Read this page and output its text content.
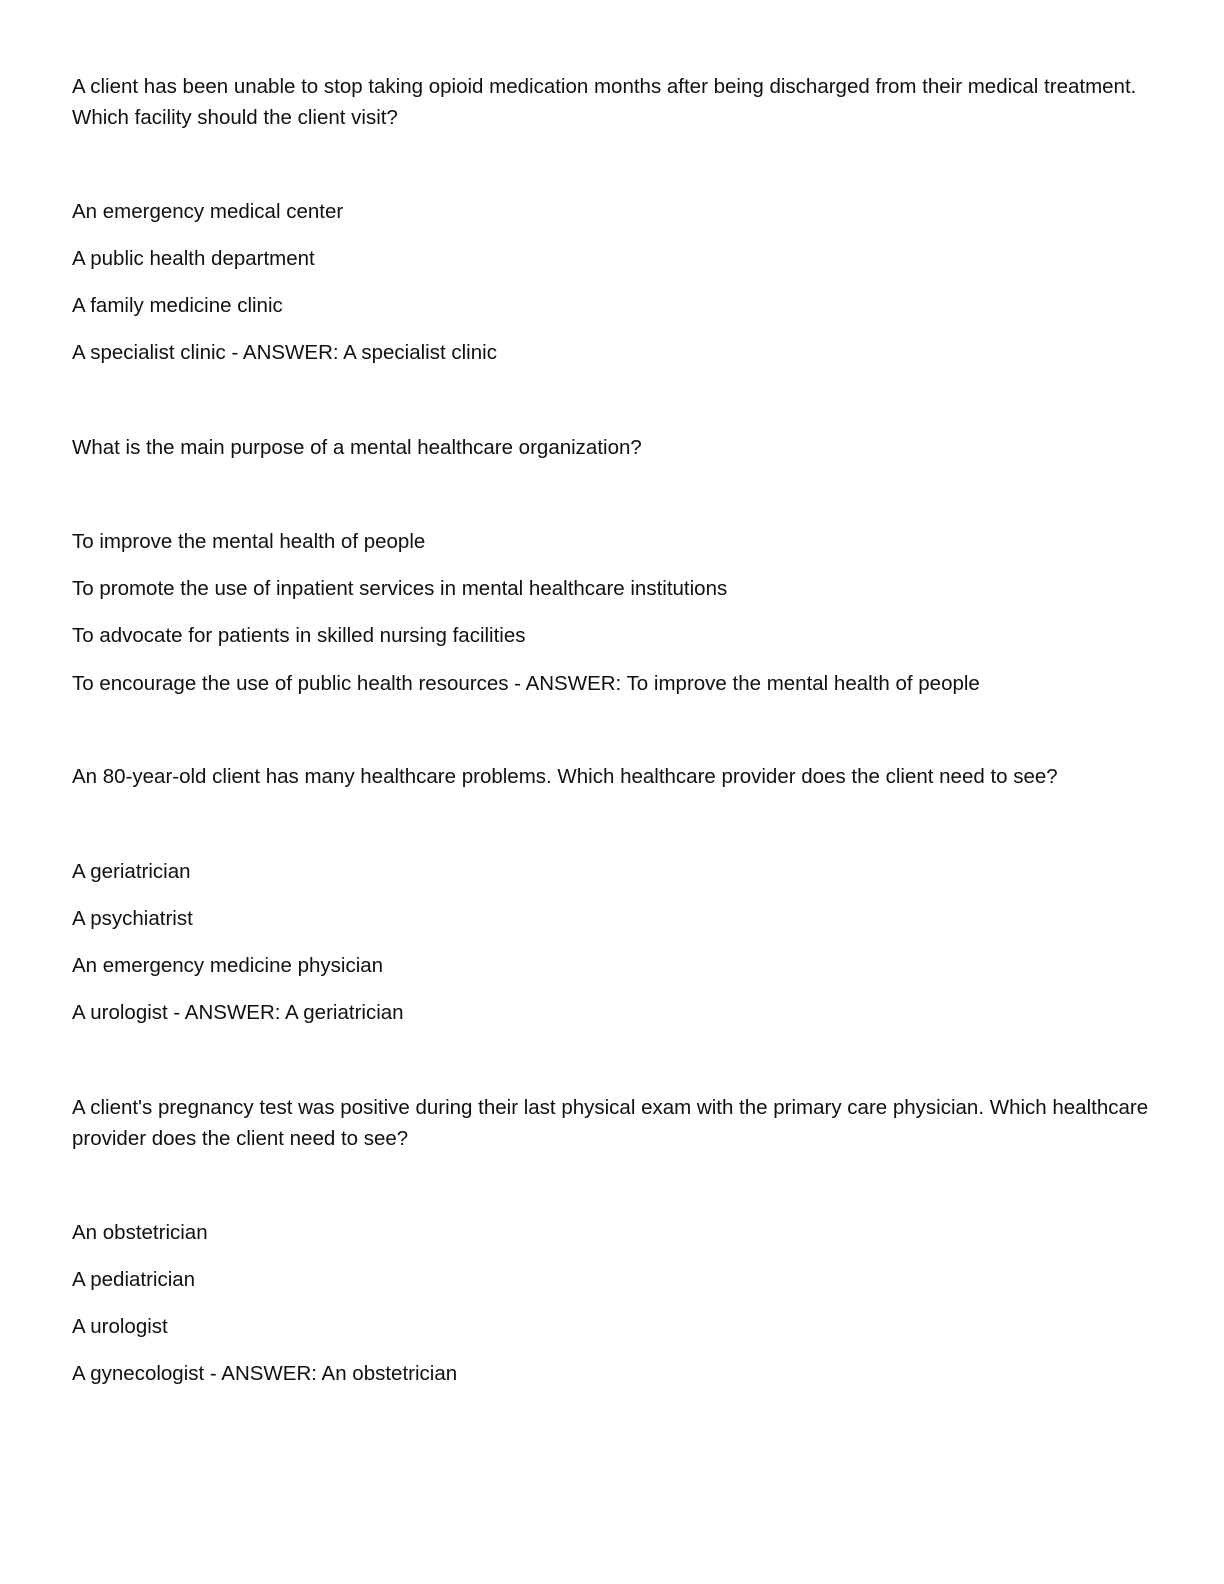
A client has been unable to stop taking opioid medication months after being discharged from their medical treatment. Which facility should the client visit?

An emergency medical center

A public health department

A family medicine clinic

A specialist clinic - ANSWER: A specialist clinic

What is the main purpose of a mental healthcare organization?

To improve the mental health of people

To promote the use of inpatient services in mental healthcare institutions

To advocate for patients in skilled nursing facilities

To encourage the use of public health resources - ANSWER: To improve the mental health of people

An 80-year-old client has many healthcare problems. Which healthcare provider does the client need to see?

A geriatrician

A psychiatrist

An emergency medicine physician

A urologist - ANSWER: A geriatrician

A client's pregnancy test was positive during their last physical exam with the primary care physician. Which healthcare provider does the client need to see?

An obstetrician

A pediatrician

A urologist

A gynecologist - ANSWER: An obstetrician
